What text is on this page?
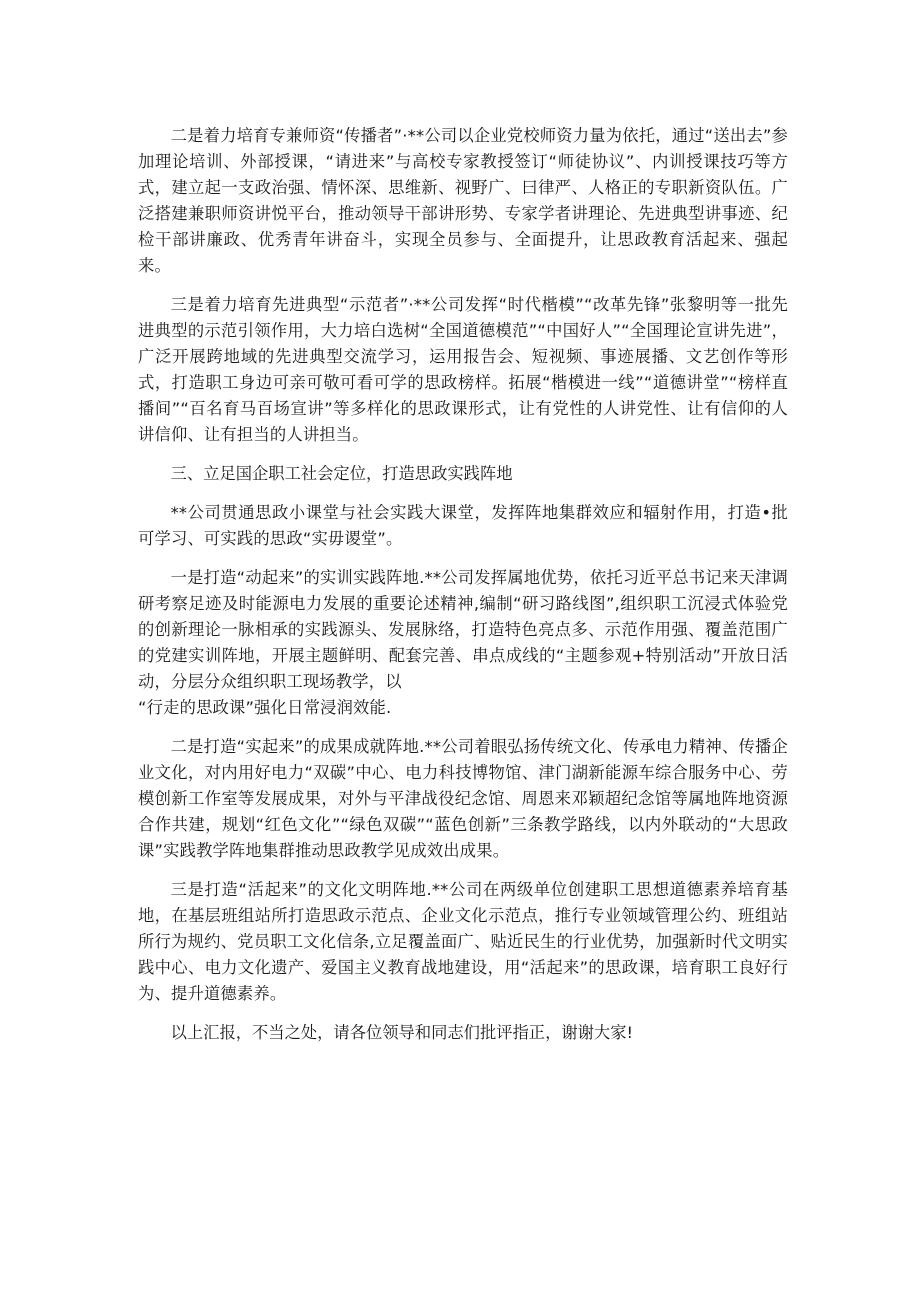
二是着力培育专兼师资“传播者”·**公司以企业党校师资力量为依托，通过“送出去”参加理论培训、外部授课，“请进来”与高校专家教授签订“师徒协议”、内训授课技巧等方式，建立起一支政治强、情怀深、思维新、视野广、曰律严、人格正的专职新资队伍。广泛搭建兼职师资讲悦平台，推动领导干部讲形势、专家学者讲理论、先进典型讲事迹、纪检干部讲廉政、优秀青年讲奋斗，实现全员参与、全面提升，让思政教育活起来、强起来。

三是着力培育先进典型“示范者”·**公司发挥“时代楷模”“改革先锋”张黎明等一批先进典型的示范引领作用，大力培白选树“全国道德模范”“中国好人”“全国理论宣讲先进”，广泛开展跨地域的先进典型交流学习，运用报告会、短视频、事迹展播、文艺创作等形式，打造职工身边可亲可敬可看可学的思政榜样。拓展“楷模进一线”“道德讲堂”“榜样直播间”“百名育马百场宣讲”等多样化的思政课形式，让有党性的人讲党性、让有信仰的人讲信仰、让有担当的人讲担当。

三、立足国企职工社会定位，打造思政实践阵地

**公司贯通思政小课堂与社会实践大课堂，发挥阵地集群效应和辐射作用，打造•批可学习、可实践的思政“实毋谡堂”。

一是打造“动起来”的实训实践阵地.**公司发挥属地优势，依托习近平总书记来天津调研考察足迹及时能源电力发展的重要论述精神,编制“研习路线图”,组织职工沉浸式体验党的创新理论一脉相承的实践源头、发展脉络，打造特色亮点多、示范作用强、覆盖范围广的党建实训阵地，开展主题鲜明、配套完善、串点成线的“主题参观+特别活动”开放日活动，分层分众组织职工现场教学，以

“行走的思政课”强化日常浸润效能.

二是打造“实起来”的成果成就阵地.**公司着眼弘扬传统文化、传承电力精神、传播企业文化，对内用好电力“双碳”中心、电力科技博物馆、津门湖新能源车综合服务中心、劳模创新工作室等发展成果，对外与平津战役纪念馆、周恩来邓颖超纪念馆等属地阵地资源合作共建，规划“红色文化”“绿色双碳”“蓝色创新”三条教学路线，以内外联动的“大思政课”实践教学阵地集群推动思政教学见成效出成果。

三是打造“活起来”的文化文明阵地.**公司在两级单位创建职工思想道德素养培育基地，在基层班组站所打造思政示范点、企业文化示范点，推行专业领域管理公约、班组站所行为规约、党员职工文化信条,立足覆盖面广、贴近民生的行业优势，加强新时代文明实践中心、电力文化遗产、爱国主义教育战地建设，用“活起来”的思政课，培育职工良好行为、提升道德素养。

以上汇报，不当之处，请各位领导和同志们批评指正，谢谢大家!
